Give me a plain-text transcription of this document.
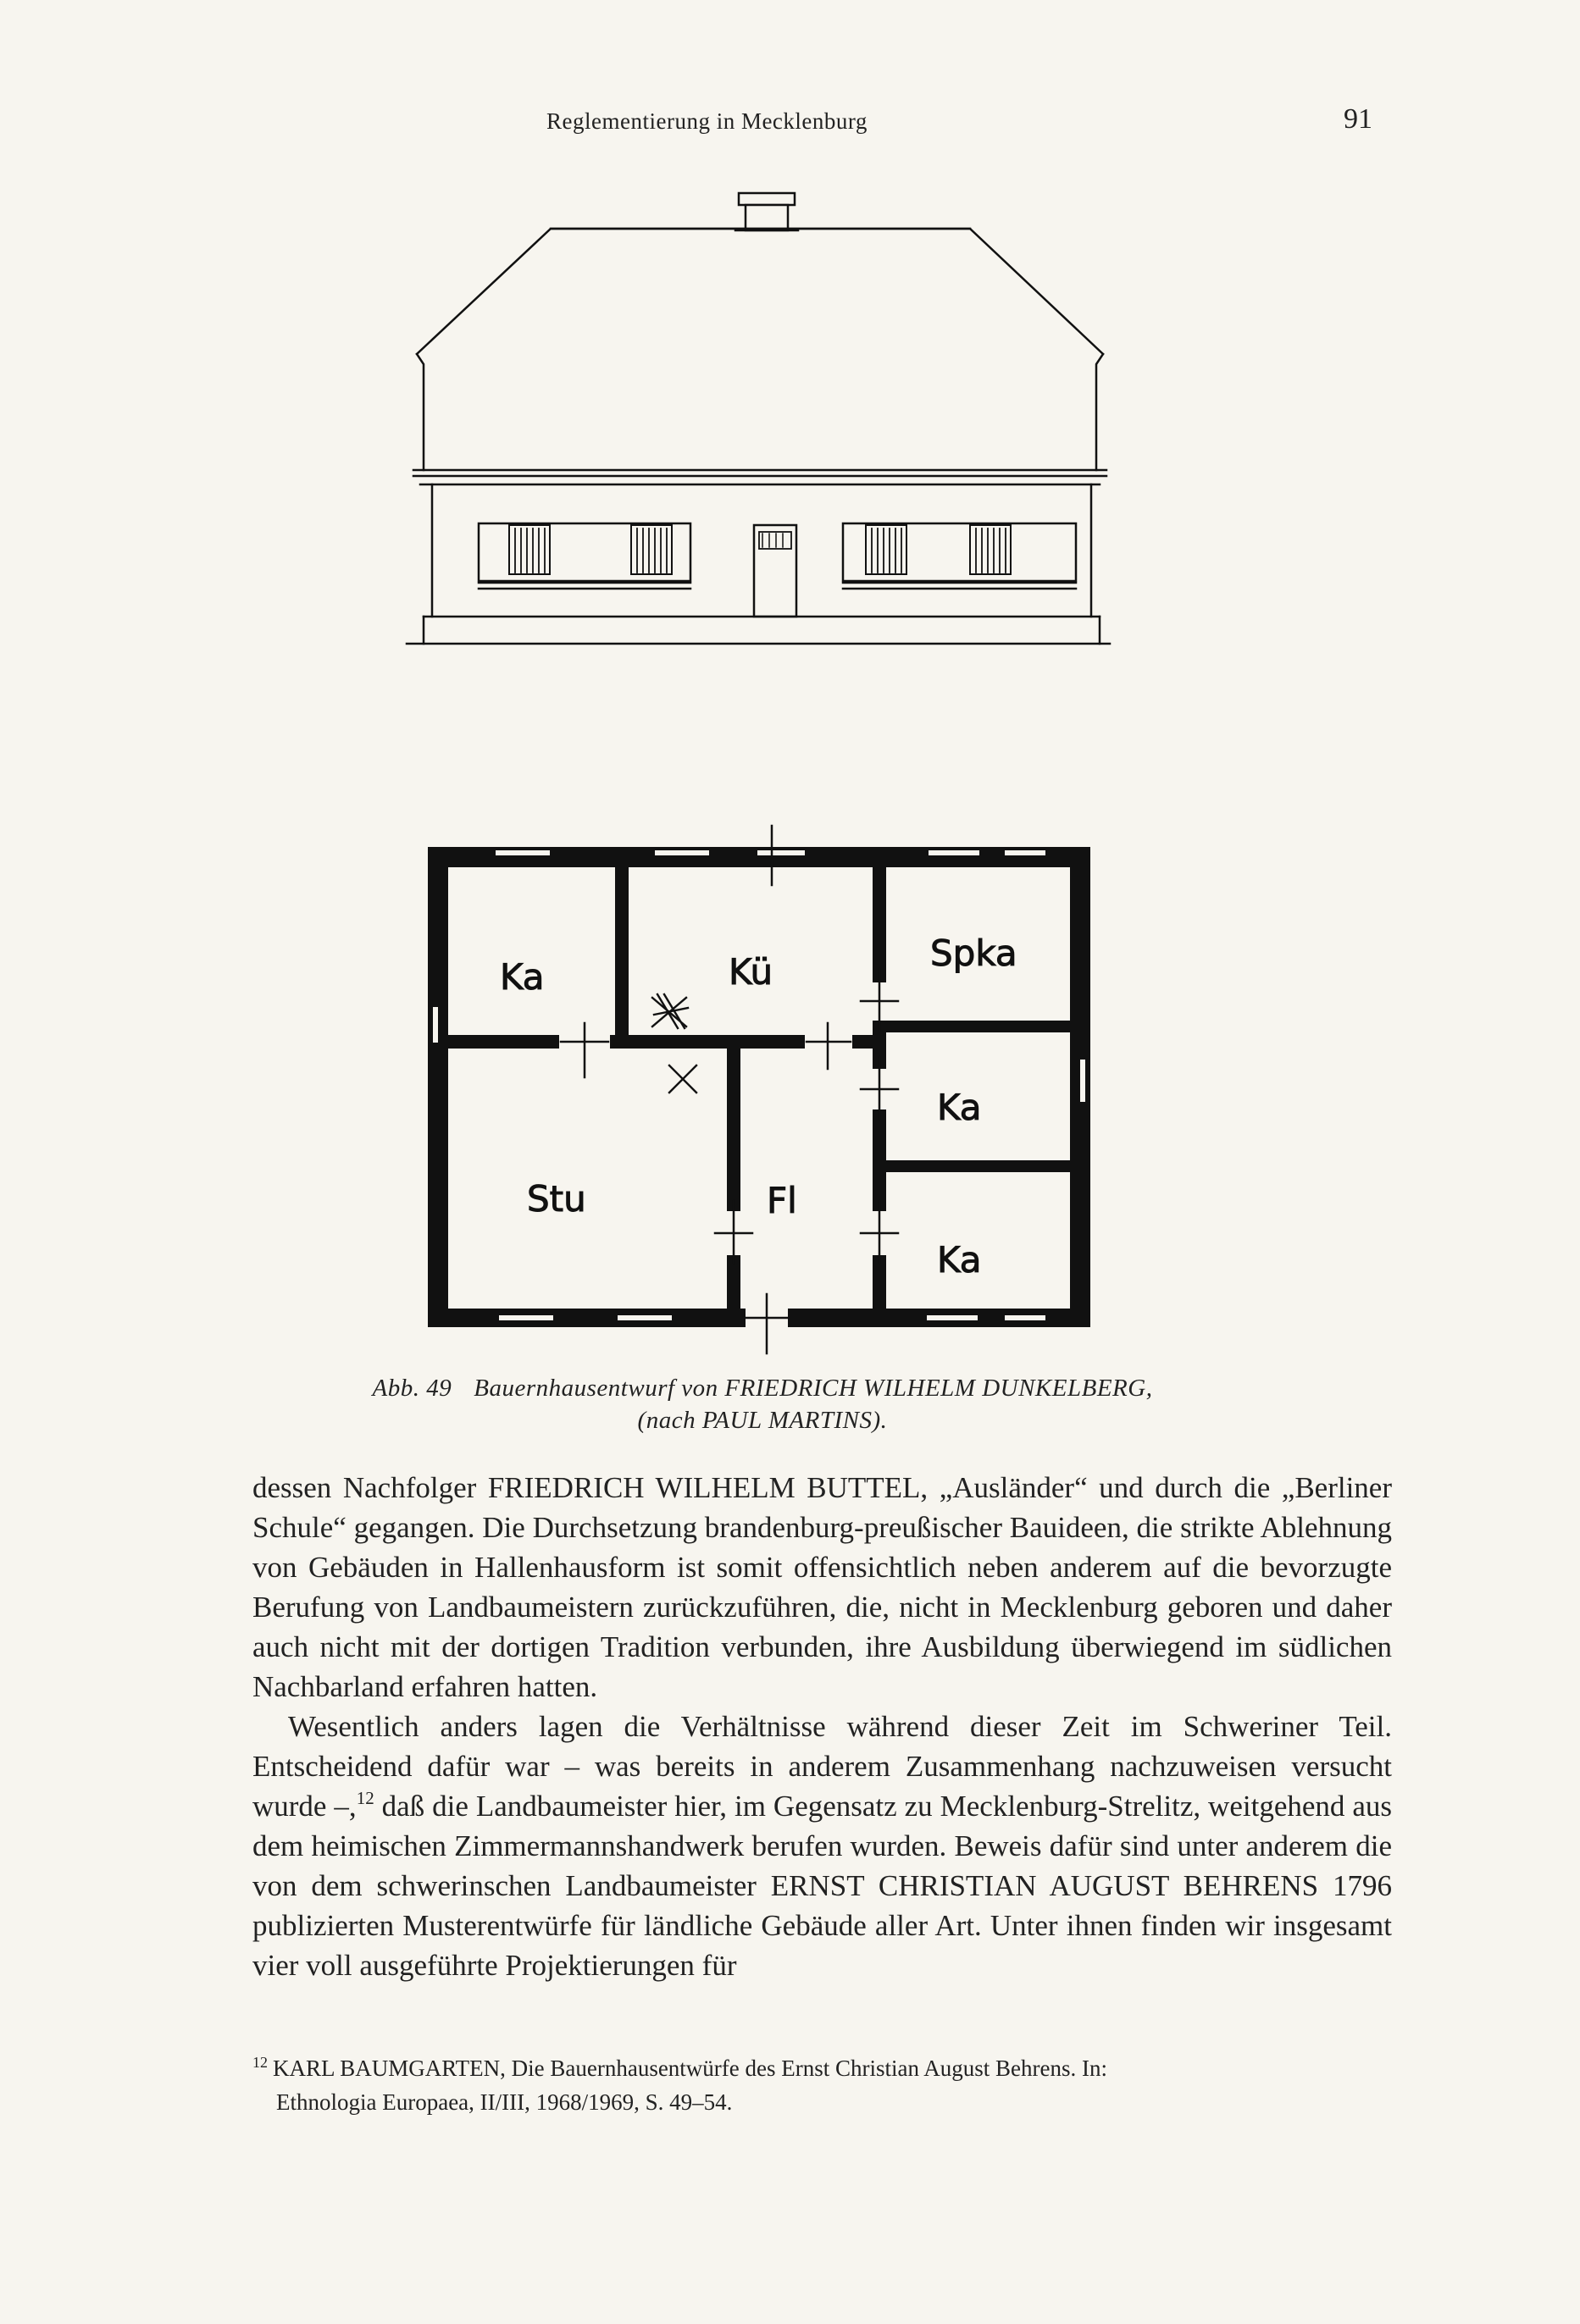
Reglementierung in Mecklenburg	91
Ka	Kü	Spka
Ka
Stu	Fl
Ka
Abb. 49 Bauernhausentwurf von FRIEDRICH WILHELM DUNKELBERG,
(nach PAUL MARTINS).

dessen Nachfolger FRIEDRICH WILHELM BUTTEL, „Ausländer“ und durch die „Berliner Schule“ gegangen. Die Durchsetzung brandenburg-preußischer Bauideen, die strikte Ablehnung von Gebäuden in Hallenhausform ist somit offensichtlich neben anderem auf die bevorzugte Berufung von Landbaumeistern zurückzuführen, die, nicht in Mecklenburg geboren und daher auch nicht mit der dortigen Tradition verbunden, ihre Ausbildung überwiegend im südlichen Nachbarland erfahren hatten.

Wesentlich anders lagen die Verhältnisse während dieser Zeit im Schweriner Teil. Entscheidend dafür war – was bereits in anderem Zusammenhang nachzuweisen versucht wurde –,$^{12}$ daß die Landbaumeister hier, im Gegensatz zu Mecklenburg-Strelitz, weitgehend aus dem heimischen Zimmermannshandwerk berufen wurden. Beweis dafür sind unter anderem die von dem schwerinschen Landbaumeister ERNST CHRISTIAN AUGUST BEHRENS 1796 publizierten Musterentwürfe für ländliche Gebäude aller Art. Unter ihnen finden wir insgesamt vier voll ausgeführte Projektierungen für

$^{12}$ KARL BAUMGARTEN, Die Bauernhausentwürfe des Ernst Christian August Behrens. In:
Ethnologia Europaea, II/III, 1968/1969, S. 49–54.
